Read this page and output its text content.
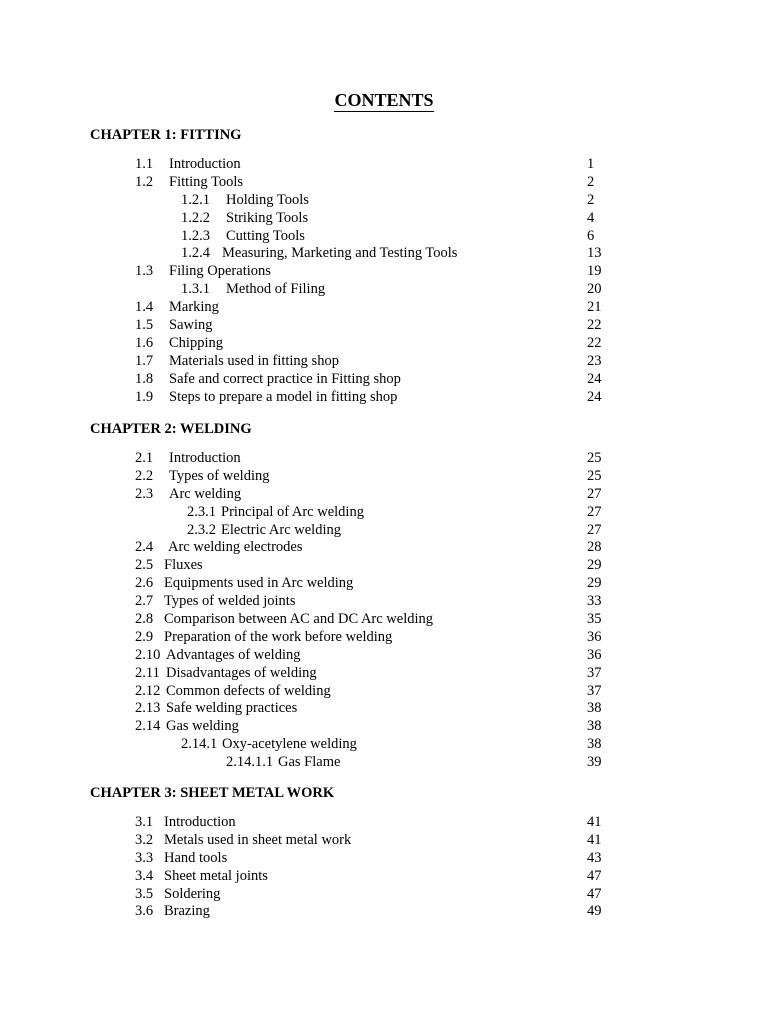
CONTENTS
CHAPTER 1: FITTING
1.1 Introduction	1
1.2 Fitting Tools	2
1.2.1 Holding Tools	2
1.2.2 Striking Tools	4
1.2.3 Cutting Tools	6
1.2.4 Measuring, Marketing and Testing Tools	13
1.3 Filing Operations	19
1.3.1 Method of Filing	20
1.4 Marking	21
1.5 Sawing	22
1.6 Chipping	22
1.7 Materials used in fitting shop	23
1.8 Safe and correct practice in Fitting shop	24
1.9 Steps to prepare a model in fitting shop	24
CHAPTER 2: WELDING
2.1 Introduction	25
2.2 Types of welding	25
2.3 Arc welding	27
2.3.1 Principal of Arc welding	27
2.3.2 Electric Arc welding	27
2.4 Arc welding electrodes	28
2.5 Fluxes	29
2.6 Equipments used in Arc welding	29
2.7 Types of welded joints	33
2.8 Comparison between AC and DC Arc welding	35
2.9 Preparation of the work before welding	36
2.10 Advantages of welding	36
2.11 Disadvantages of welding	37
2.12 Common defects of welding	37
2.13 Safe welding practices	38
2.14 Gas welding	38
2.14.1 Oxy-acetylene welding	38
2.14.1.1 Gas Flame	39
CHAPTER 3: SHEET METAL WORK
3.1 Introduction	41
3.2 Metals used in sheet metal work	41
3.3 Hand tools	43
3.4 Sheet metal joints	47
3.5 Soldering	47
3.6 Brazing	49
